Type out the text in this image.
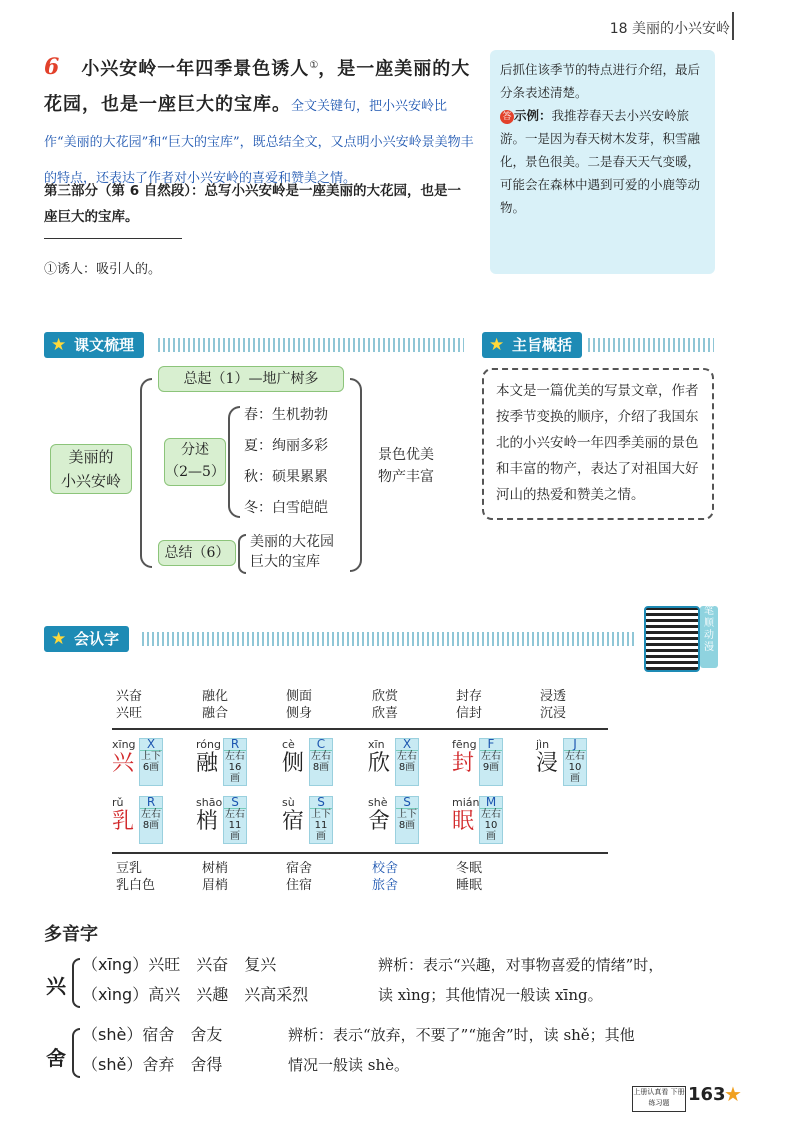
18 美丽的小兴安岭
6 小兴安岭一年四季景色诱人①，是一座美丽的大花园，也是一座巨大的宝库。全文关键句，把小兴安岭比作“美丽的大花园”和“巨大的宝库”，既总结全文，又点明小兴安岭景美物丰的特点，还表达了作者对小兴安岭的喜爱和赞美之情。
第三部分（第 6 自然段）：总写小兴安岭是一座美丽的大花园，也是一座巨大的宝库。
①诱人：吸引人的。
后抓住该季节的特点进行介绍，最后分条表述清楚。
答 示例：我推荐春天去小兴安岭旅游。一是因为春天树木发芽，积雪融化，景色很美。二是春天天气变暖，可能会在森林中遇到可爱的小鹿等动物。
★ 课文梳理	★ 主旨概括
美丽的
小兴安岭
总起（1）—地广树多
分述
（2—5）
春：生机勃勃
夏：绚丽多彩
秋：硕果累累
冬：白雪皑皑
总结（6）
美丽的大花园
巨大的宝库
景色优美
物产丰富
本文是一篇优美的写景文章，作者按季节变换的顺序，介绍了我国东北的小兴安岭一年四季美丽的景色和丰富的物产，表达了对祖国大好河山的热爱和赞美之情。
★ 会认字
笔顺动漫
兴奋
兴旺
融化
融合
侧面
侧身
欣赏
欣喜
封存
信封
浸透
沉浸
豆乳
乳白色
树梢
眉梢
宿舍
住宿
校舍
旅舍
冬眠
睡眠
多音字
兴
（xīng）兴旺　兴奋　复兴
（xìng）高兴　兴趣　兴高采烈
辨析：表示“兴趣，对事物喜爱的情绪”时，
读 xìng；其他情况一般读 xīng。
舍
（shè）宿舍　舍友
（shě）舍弃　舍得
辨析：表示“放弃，不要了”“施舍”时，读 shě；其他
情况一般读 shè。
上册认真看 下册练习题	163
★
xīng
兴
X
上下
6画
róng
融
R
左右
16画
cè
侧
C
左右
8画
xīn
欣
X
左右
8画
fēng
封
F
左右
9画
jìn
浸
J
左右
10画
rǔ
乳
R
左右
8画
shāo
梢
S
左右
11画
sù
宿
S
上下
11画
shè
舍
S
上下
8画
mián
眠
M
左右
10画
